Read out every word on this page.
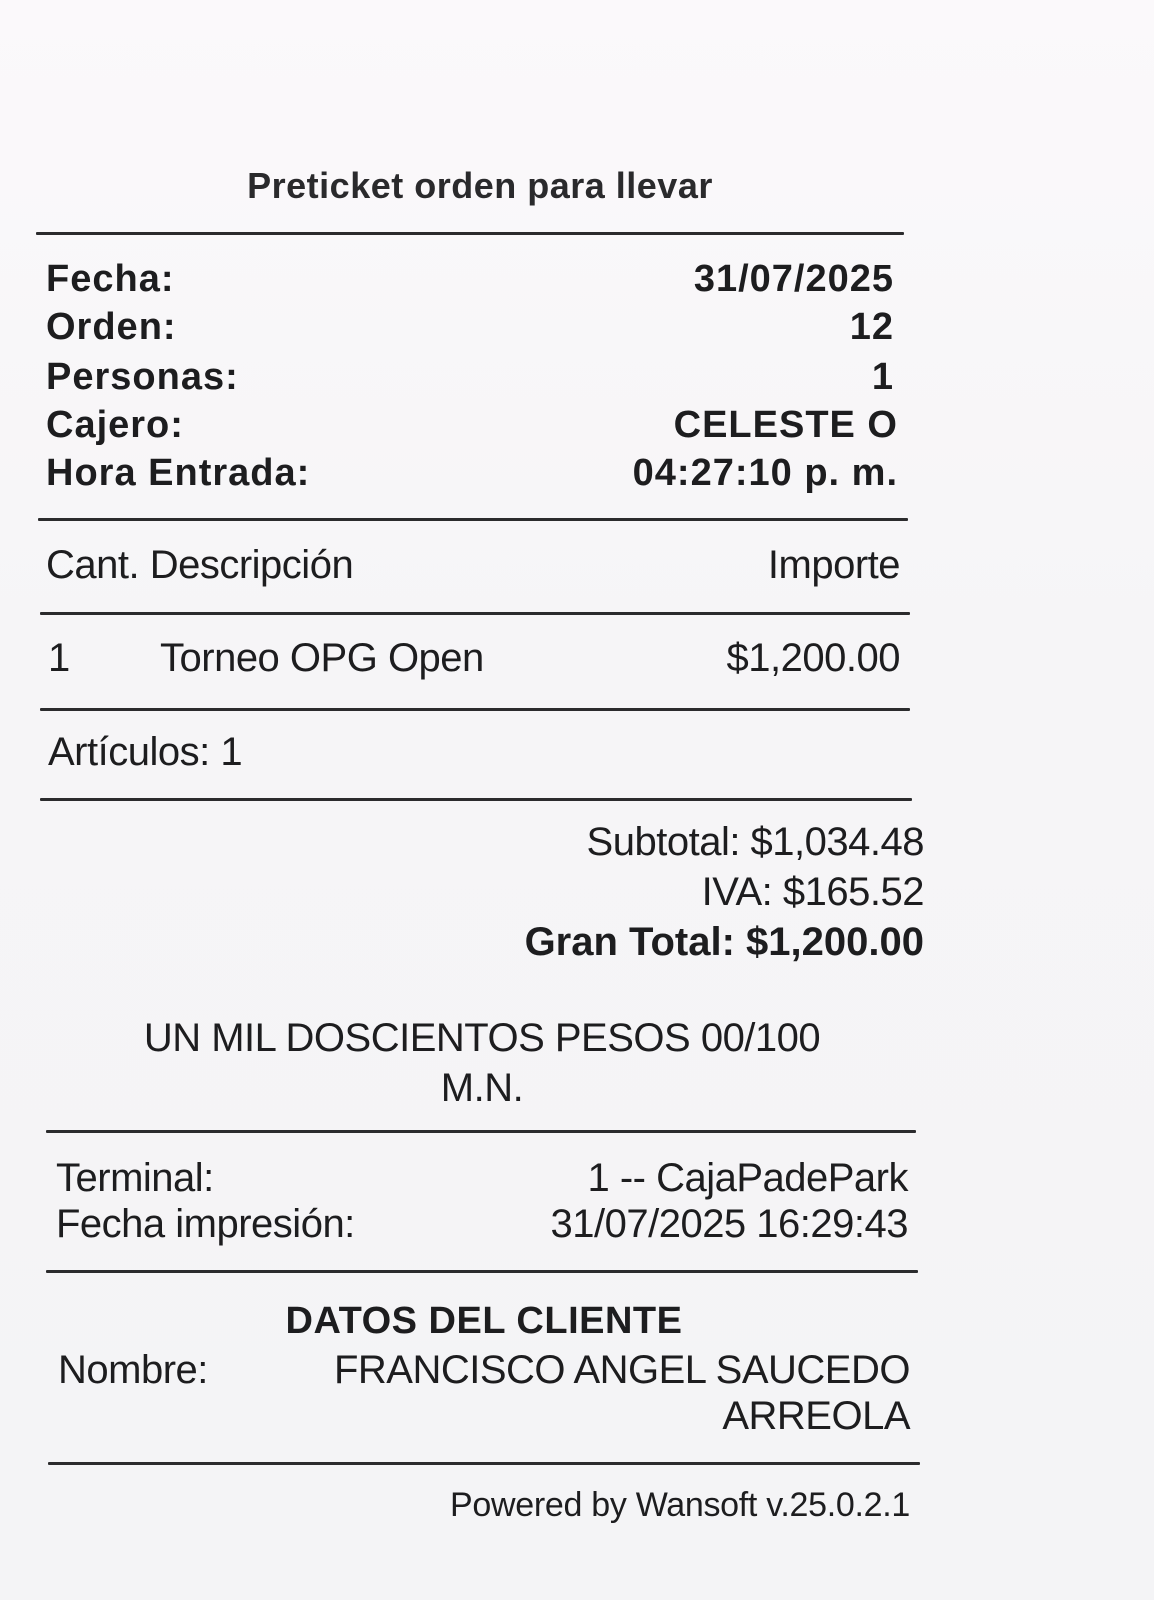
Preticket orden para llevar
Fecha:	31/07/2025
Orden:	12
Personas:	1
Cajero:	CELESTE O
Hora Entrada:	04:27:10 p. m.
Cant. Descripción	Importe
1 Torneo OPG Open	$1,200.00
Artículos: 1
Subtotal: $1,034.48
IVA: $165.52
Gran Total: $1,200.00
UN MIL DOSCIENTOS PESOS 00/100
M.N.
Terminal:	1 -- CajaPadePark
Fecha impresión:	31/07/2025 16:29:43
DATOS DEL CLIENTE
Nombre:	FRANCISCO ANGEL SAUCEDO
ARREOLA
Powered by Wansoft v.25.0.2.1
